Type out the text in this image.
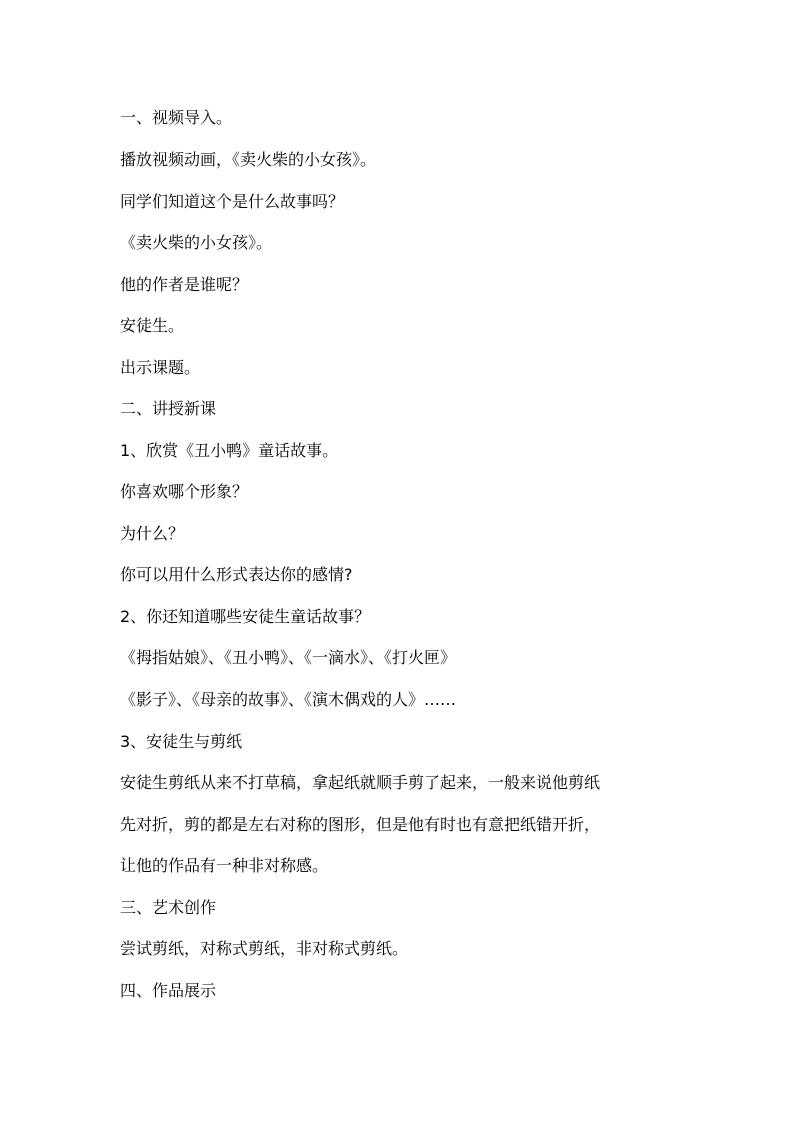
一、视频导入。

播放视频动画，《卖火柴的小女孩》。

同学们知道这个是什么故事吗？

《卖火柴的小女孩》。

他的作者是谁呢？

安徒生。

出示课题。

二、讲授新课

1、欣赏《丑小鸭》童话故事。

你喜欢哪个形象？

为什么？

你可以用什么形式表达你的感情?

2、你还知道哪些安徒生童话故事？

《拇指姑娘》、《丑小鸭》、《一滴水》、《打火匣》

《影子》、《母亲的故事》、《演木偶戏的人》……

3、安徒生与剪纸

安徒生剪纸从来不打草稿，拿起纸就顺手剪了起来，一般来说他剪纸

先对折，剪的都是左右对称的图形，但是他有时也有意把纸错开折，

让他的作品有一种非对称感。

三、艺术创作

尝试剪纸，对称式剪纸，非对称式剪纸。

四、作品展示
